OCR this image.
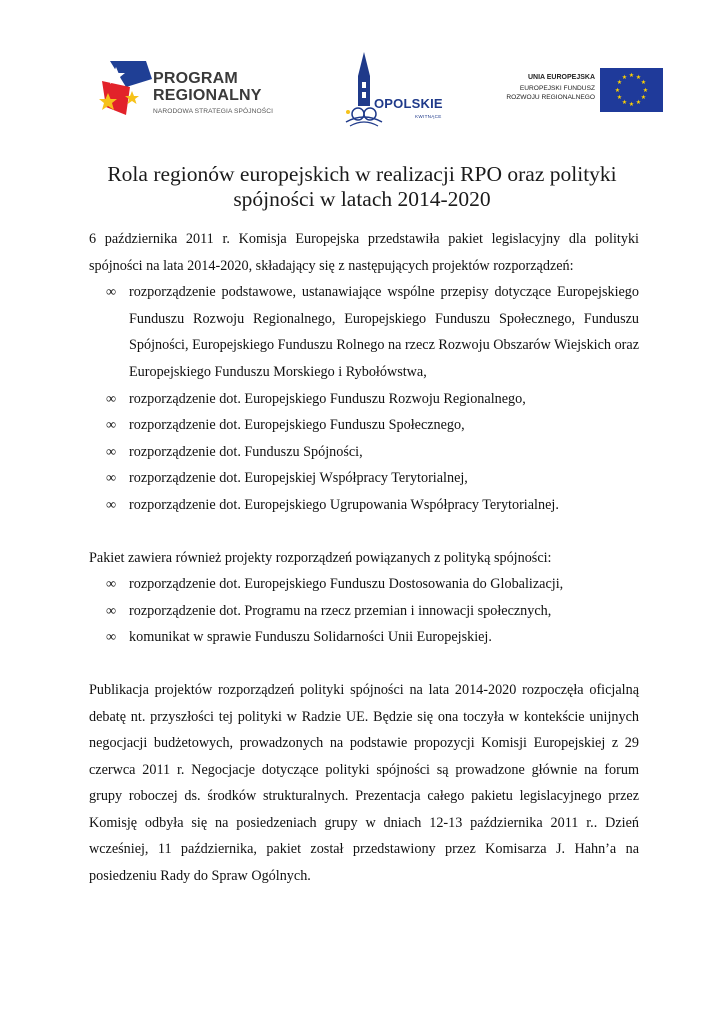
PROGRAM
REGIONALNY
NARODOWA STRATEGIA SPÓJNOŚCI
OPOLSKIE
KWITNĄCE
UNIA EUROPEJSKA
EUROPEJSKI FUNDUSZ
ROZWOJU REGIONALNEGO
★ ★
★
★
★
★
★
★
★
★
★
★
Rola regionów europejskich w realizacji RPO oraz polityki
spójności w latach 2014-2020

6 października 2011 r. Komisja Europejska przedstawiła pakiet legislacyjny dla polityki spójności na lata 2014-2020, składający się z następujących projektów rozporządzeń:

∞ rozporządzenie podstawowe, ustanawiające wspólne przepisy dotyczące Europejskiego Funduszu Rozwoju Regionalnego, Europejskiego Funduszu Społecznego, Funduszu Spójności, Europejskiego Funduszu Rolnego na rzecz Rozwoju Obszarów Wiejskich oraz Europejskiego Funduszu Morskiego i Rybołówstwa,
∞ rozporządzenie dot. Europejskiego Funduszu Rozwoju Regionalnego,
∞ rozporządzenie dot. Europejskiego Funduszu Społecznego,
∞ rozporządzenie dot. Funduszu Spójności,
∞ rozporządzenie dot. Europejskiej Współpracy Terytorialnej,
∞ rozporządzenie dot. Europejskiego Ugrupowania Współpracy Terytorialnej.

Pakiet zawiera również projekty rozporządzeń powiązanych z polityką spójności:

∞ rozporządzenie dot. Europejskiego Funduszu Dostosowania do Globalizacji,
∞ rozporządzenie dot. Programu na rzecz przemian i innowacji społecznych,
∞ komunikat w sprawie Funduszu Solidarności Unii Europejskiej.

Publikacja projektów rozporządzeń polityki spójności na lata 2014-2020 rozpoczęła oficjalną debatę nt. przyszłości tej polityki w Radzie UE. Będzie się ona toczyła w kontekście unijnych negocjacji budżetowych, prowadzonych na podstawie propozycji Komisji Europejskiej z 29 czerwca 2011 r. Negocjacje dotyczące polityki spójności są prowadzone głównie na forum grupy roboczej ds. środków strukturalnych. Prezentacja całego pakietu legislacyjnego przez Komisję odbyła się na posiedzeniach grupy w dniach 12-13 października 2011 r.. Dzień wcześniej, 11 października, pakiet został przedstawiony przez Komisarza J. Hahn’a na posiedzeniu Rady do Spraw Ogólnych.
